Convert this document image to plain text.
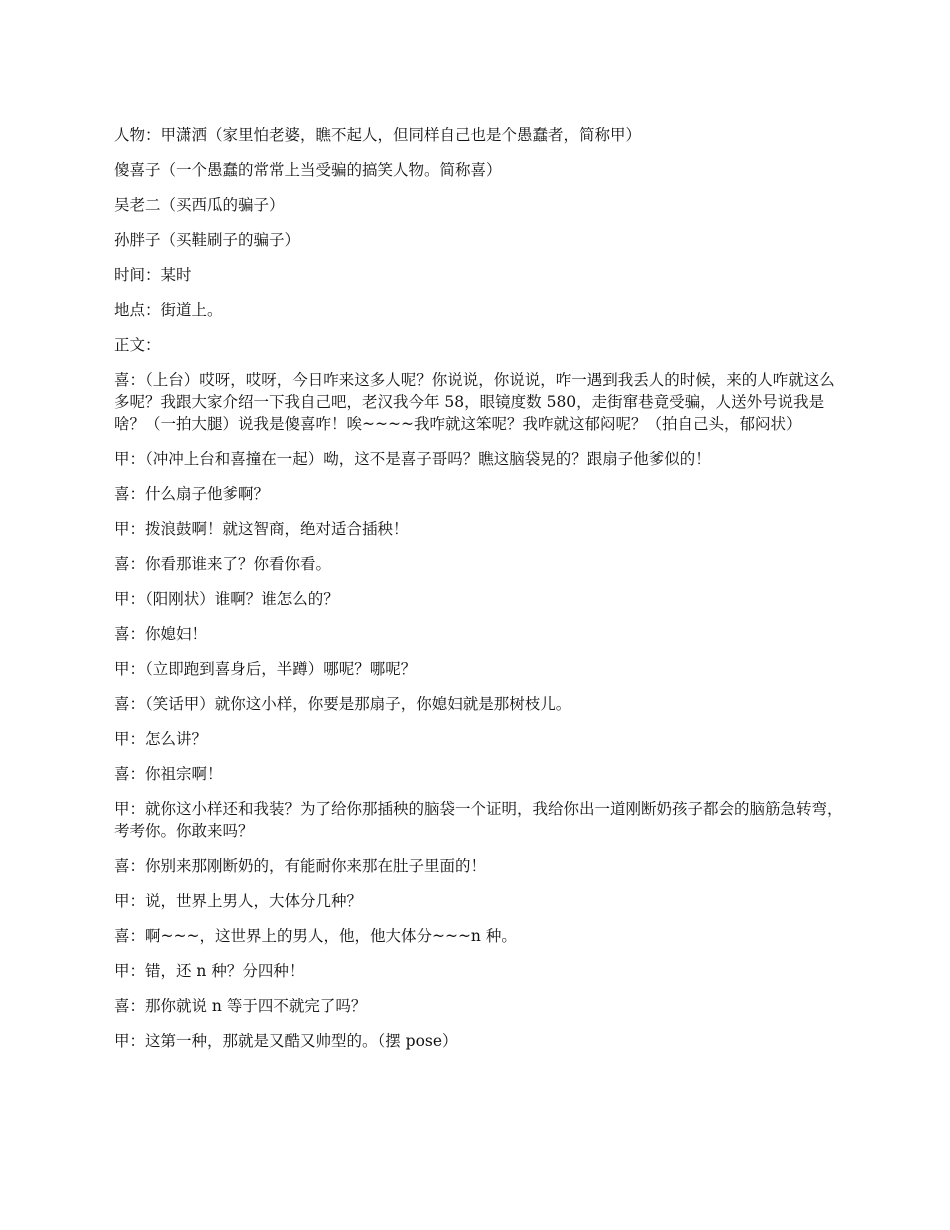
人物：甲潇洒（家里怕老婆，瞧不起人，但同样自己也是个愚蠢者，简称甲）

傻喜子（一个愚蠢的常常上当受骗的搞笑人物。简称喜）

吴老二（买西瓜的骗子）

孙胖子（买鞋刷子的骗子）

时间：某时

地点：街道上。

正文：

喜：（上台）哎呀，哎呀，今日咋来这多人呢？你说说，你说说，咋一遇到我丢人的时候，来的人咋就这么多呢？我跟大家介绍一下我自己吧，老汉我今年 58，眼镜度数 580，走街窜巷竟受骗，人送外号说我是啥？（一拍大腿）说我是傻喜咋！唉~~~~我咋就这笨呢？我咋就这郁闷呢？（拍自己头，郁闷状）

甲：（冲冲上台和喜撞在一起）呦，这不是喜子哥吗？瞧这脑袋晃的？跟扇子他爹似的！

喜：什么扇子他爹啊？

甲：拨浪鼓啊！就这智商，绝对适合插秧！

喜：你看那谁来了？你看你看。

甲：（阳刚状）谁啊？谁怎么的？

喜：你媳妇！

甲：（立即跑到喜身后，半蹲）哪呢？哪呢？

喜：（笑话甲）就你这小样，你要是那扇子，你媳妇就是那树枝儿。

甲：怎么讲？

喜：你祖宗啊！

甲：就你这小样还和我装？为了给你那插秧的脑袋一个证明，我给你出一道刚断奶孩子都会的脑筋急转弯，考考你。你敢来吗？

喜：你别来那刚断奶的，有能耐你来那在肚子里面的！

甲：说，世界上男人，大体分几种？

喜：啊~~~，这世界上的男人，他，他大体分~~~n 种。

甲：错，还 n 种？分四种！

喜：那你就说 n 等于四不就完了吗？

甲：这第一种，那就是又酷又帅型的。（摆 pose）
